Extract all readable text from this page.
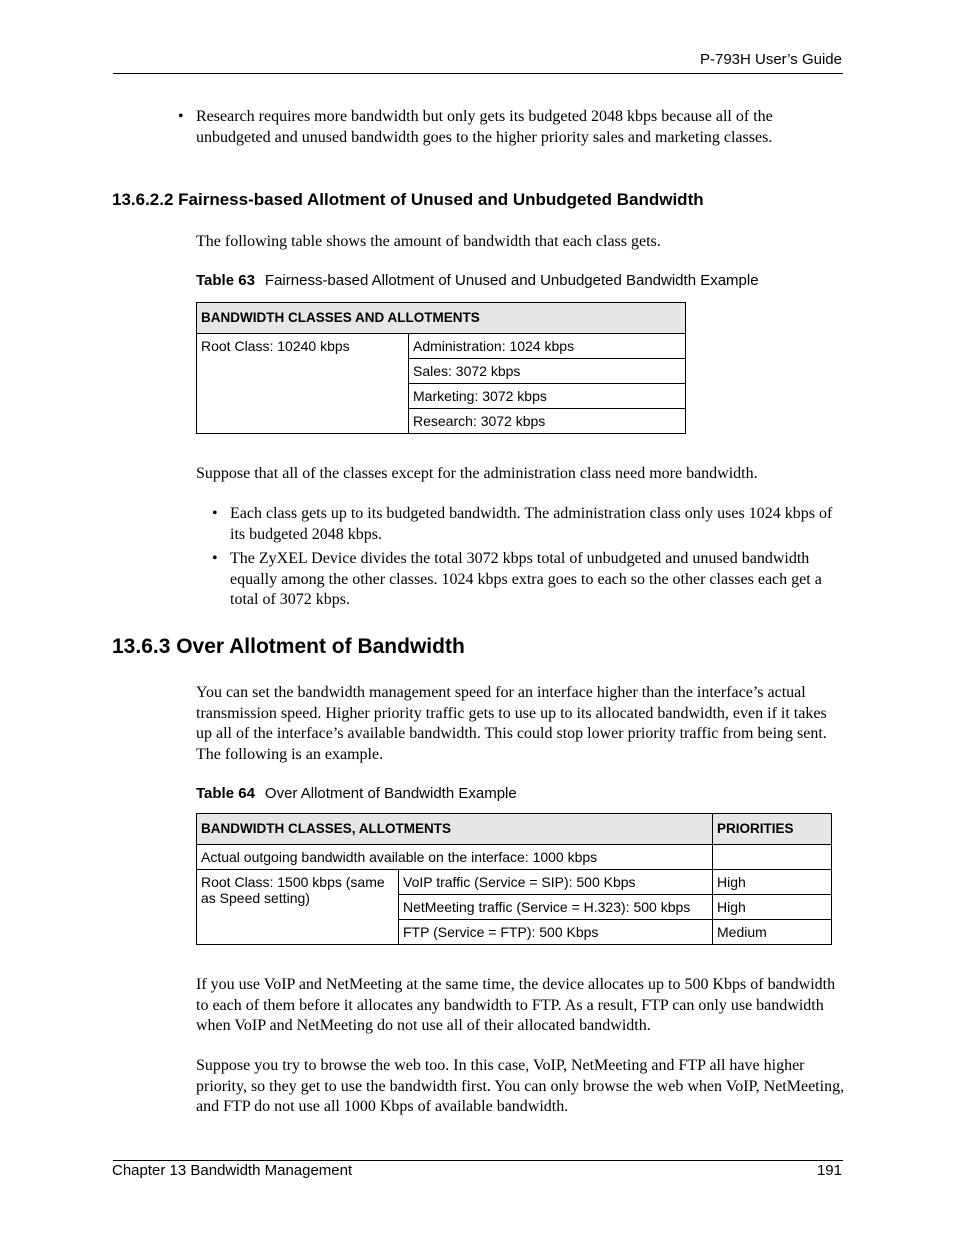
P-793H User’s Guide
• Research requires more bandwidth but only gets its budgeted 2048 kbps because all of the unbudgeted and unused bandwidth goes to the higher priority sales and marketing classes.
13.6.2.2 Fairness-based Allotment of Unused and Unbudgeted Bandwidth
The following table shows the amount of bandwidth that each class gets.
Table 63 Fairness-based Allotment of Unused and Unbudgeted Bandwidth Example
BANDWIDTH CLASSES AND ALLOTMENTS
Root Class: 10240 kbps	Administration: 1024 kbps
Sales: 3072 kbps
Marketing: 3072 kbps
Research: 3072 kbps
Suppose that all of the classes except for the administration class need more bandwidth.
• Each class gets up to its budgeted bandwidth. The administration class only uses 1024 kbps of its budgeted 2048 kbps.
• The ZyXEL Device divides the total 3072 kbps total of unbudgeted and unused bandwidth equally among the other classes. 1024 kbps extra goes to each so the other classes each get a total of 3072 kbps.
13.6.3 Over Allotment of Bandwidth
You can set the bandwidth management speed for an interface higher than the interface’s actual transmission speed. Higher priority traffic gets to use up to its allocated bandwidth, even if it takes up all of the interface’s available bandwidth. This could stop lower priority traffic from being sent. The following is an example.
Table 64 Over Allotment of Bandwidth Example
BANDWIDTH CLASSES, ALLOTMENTS		PRIORITIES
Actual outgoing bandwidth available on the interface: 1000 kbps		
Root Class: 1500 kbps (same as Speed setting)	VoIP traffic (Service = SIP): 500 Kbps	High
	NetMeeting traffic (Service = H.323): 500 kbps	High
	FTP (Service = FTP): 500 Kbps	Medium
If you use VoIP and NetMeeting at the same time, the device allocates up to 500 Kbps of bandwidth to each of them before it allocates any bandwidth to FTP. As a result, FTP can only use bandwidth when VoIP and NetMeeting do not use all of their allocated bandwidth.
Suppose you try to browse the web too. In this case, VoIP, NetMeeting and FTP all have higher priority, so they get to use the bandwidth first. You can only browse the web when VoIP, NetMeeting, and FTP do not use all 1000 Kbps of available bandwidth.
Chapter 13 Bandwidth Management	191
